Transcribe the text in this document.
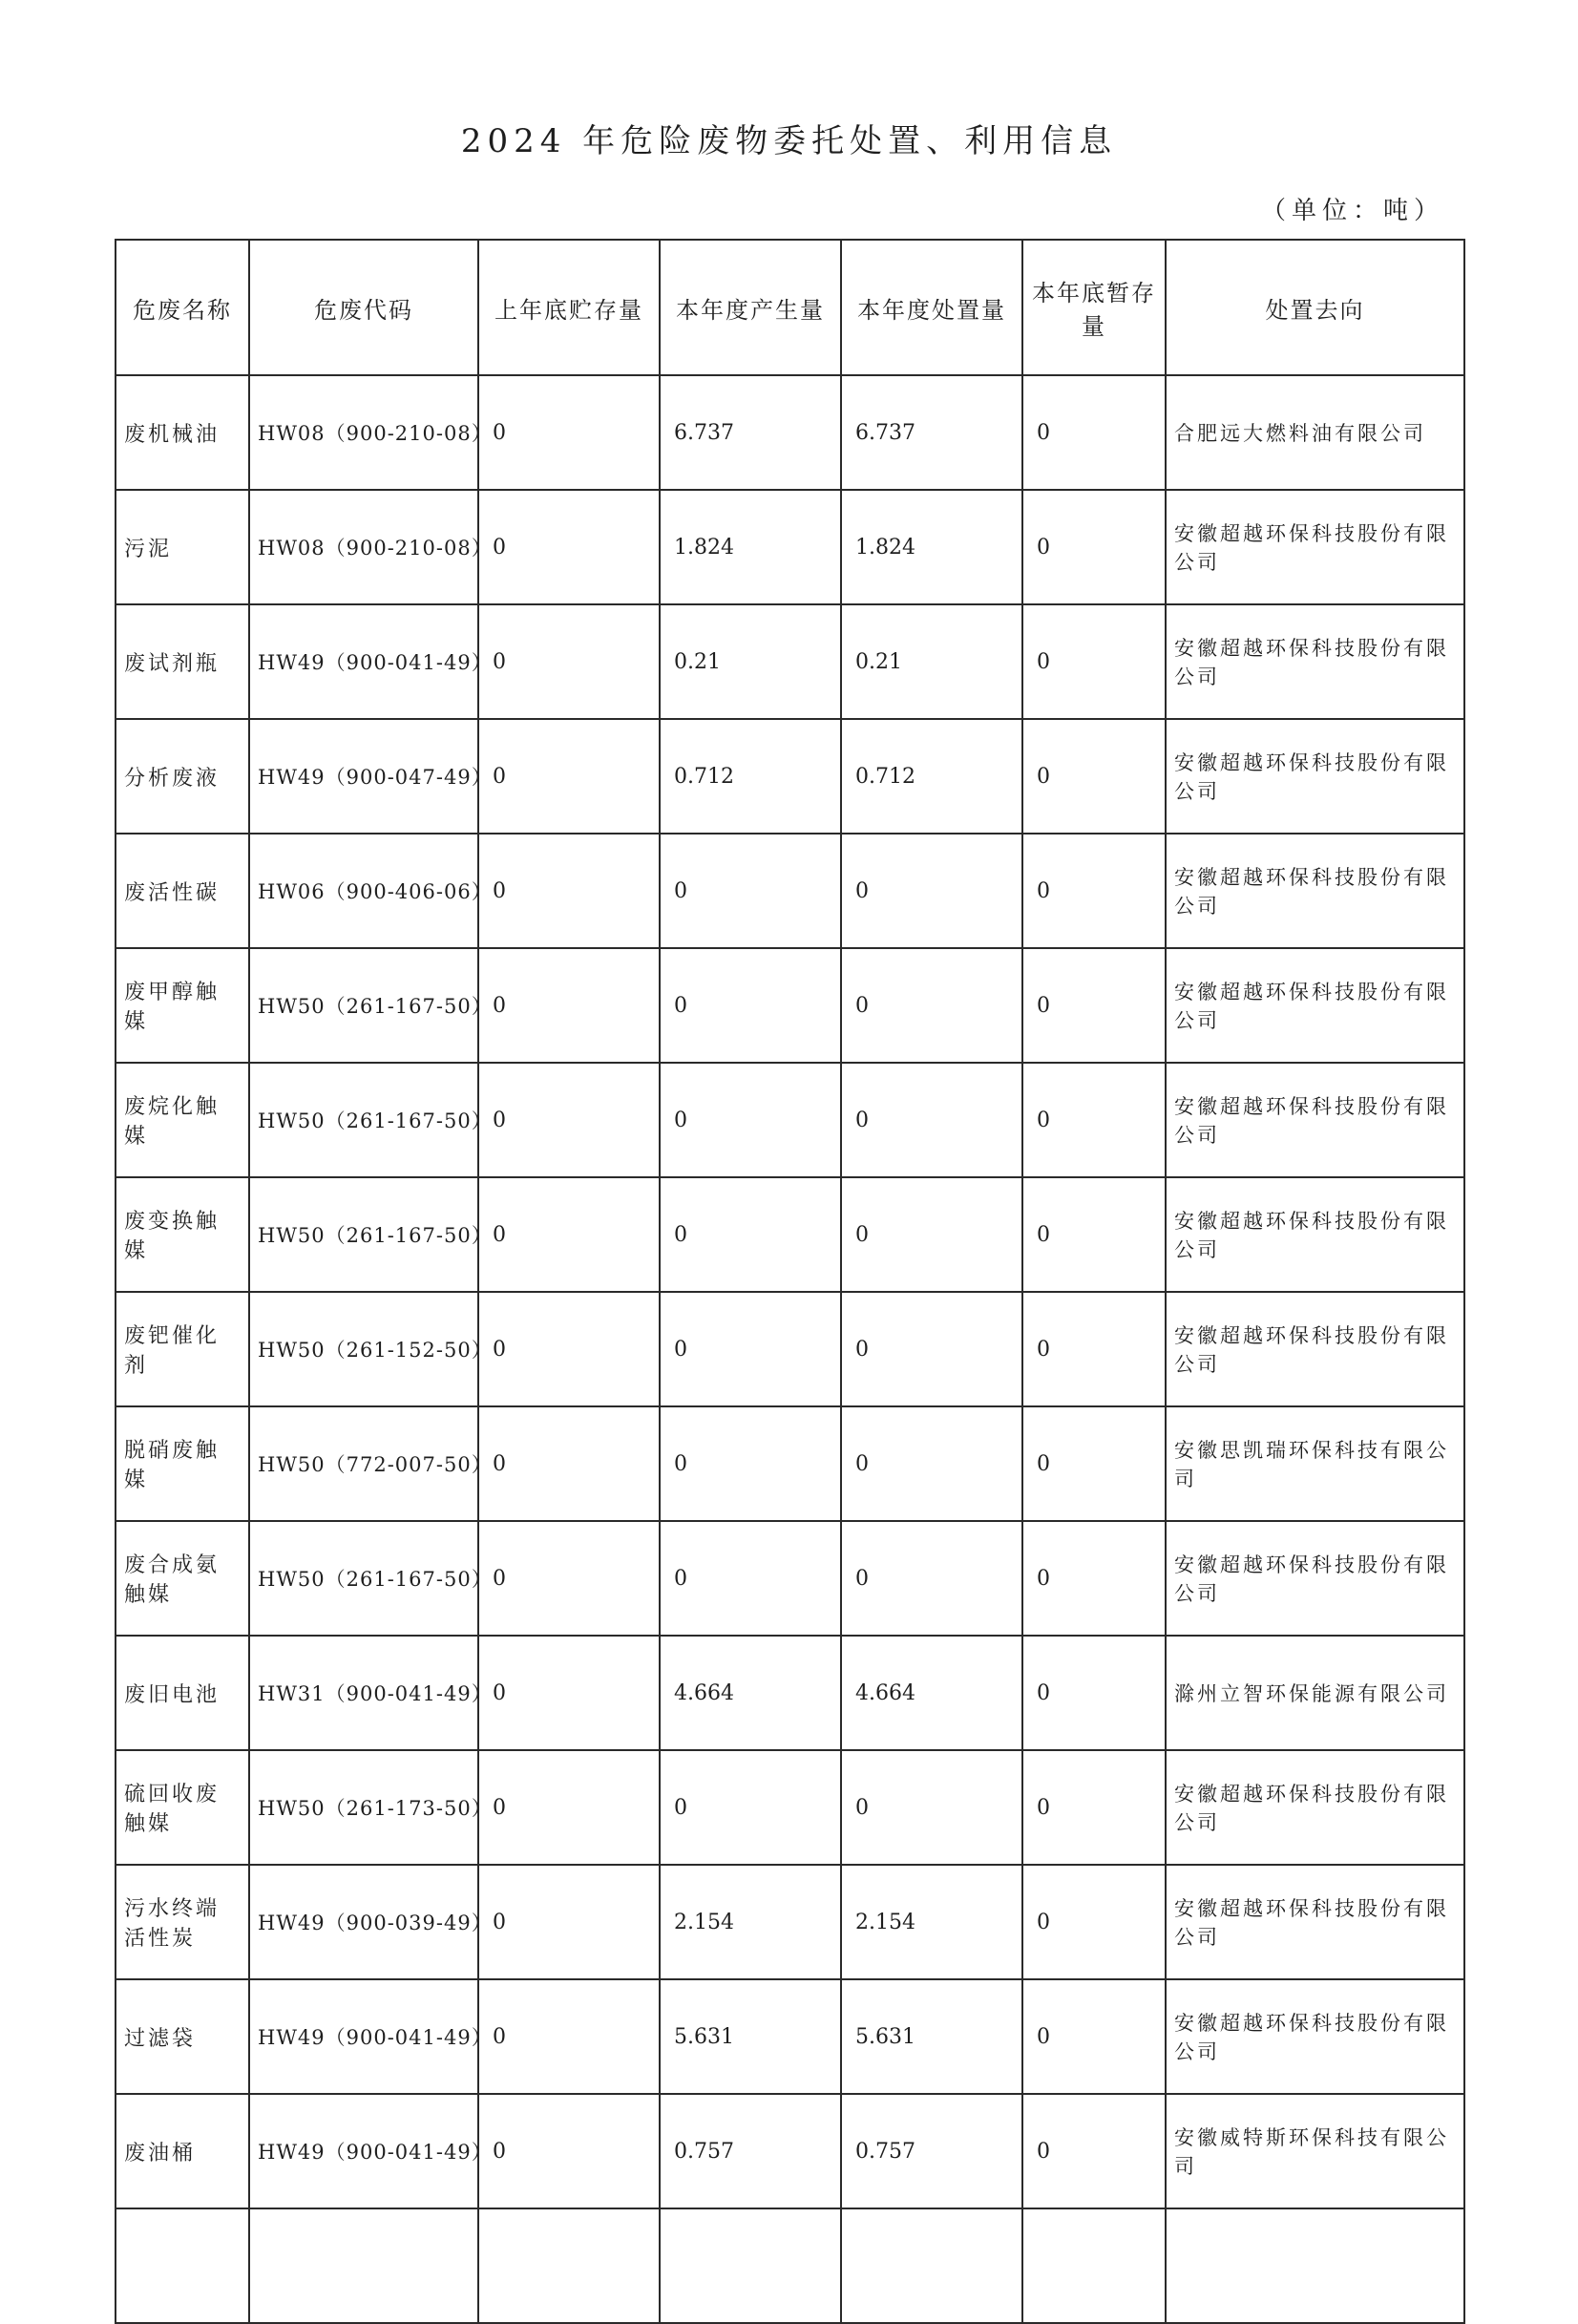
2024 年危险废物委托处置、利用信息
（单位：吨）
危废名称	危废代码	上年底贮存量	本年度产生量	本年度处置量	本年底暂存量	处置去向
废机械油	HW08（900-210-08）	0	6.737	6.737	0	合肥远大燃料油有限公司
污泥	HW08（900-210-08）	0	1.824	1.824	0	安徽超越环保科技股份有限公司
废试剂瓶	HW49（900-041-49）	0	0.21	0.21	0	安徽超越环保科技股份有限公司
分析废液	HW49（900-047-49）	0	0.712	0.712	0	安徽超越环保科技股份有限公司
废活性碳	HW06（900-406-06）	0	0	0	0	安徽超越环保科技股份有限公司
废甲醇触媒	HW50（261-167-50）	0	0	0	0	安徽超越环保科技股份有限公司
废烷化触媒	HW50（261-167-50）	0	0	0	0	安徽超越环保科技股份有限公司
废变换触媒	HW50（261-167-50）	0	0	0	0	安徽超越环保科技股份有限公司
废钯催化剂	HW50（261-152-50）	0	0	0	0	安徽超越环保科技股份有限公司
脱硝废触媒	HW50（772-007-50）	0	0	0	0	安徽思凯瑞环保科技有限公司
废合成氨触媒	HW50（261-167-50）	0	0	0	0	安徽超越环保科技股份有限公司
废旧电池	HW31（900-041-49）	0	4.664	4.664	0	滁州立智环保能源有限公司
硫回收废触媒	HW50（261-173-50）	0	0	0	0	安徽超越环保科技股份有限公司
污水终端活性炭	HW49（900-039-49）	0	2.154	2.154	0	安徽超越环保科技股份有限公司
过滤袋	HW49（900-041-49）	0	5.631	5.631	0	安徽超越环保科技股份有限公司
废油桶	HW49（900-041-49）	0	0.757	0.757	0	安徽威特斯环保科技有限公司
